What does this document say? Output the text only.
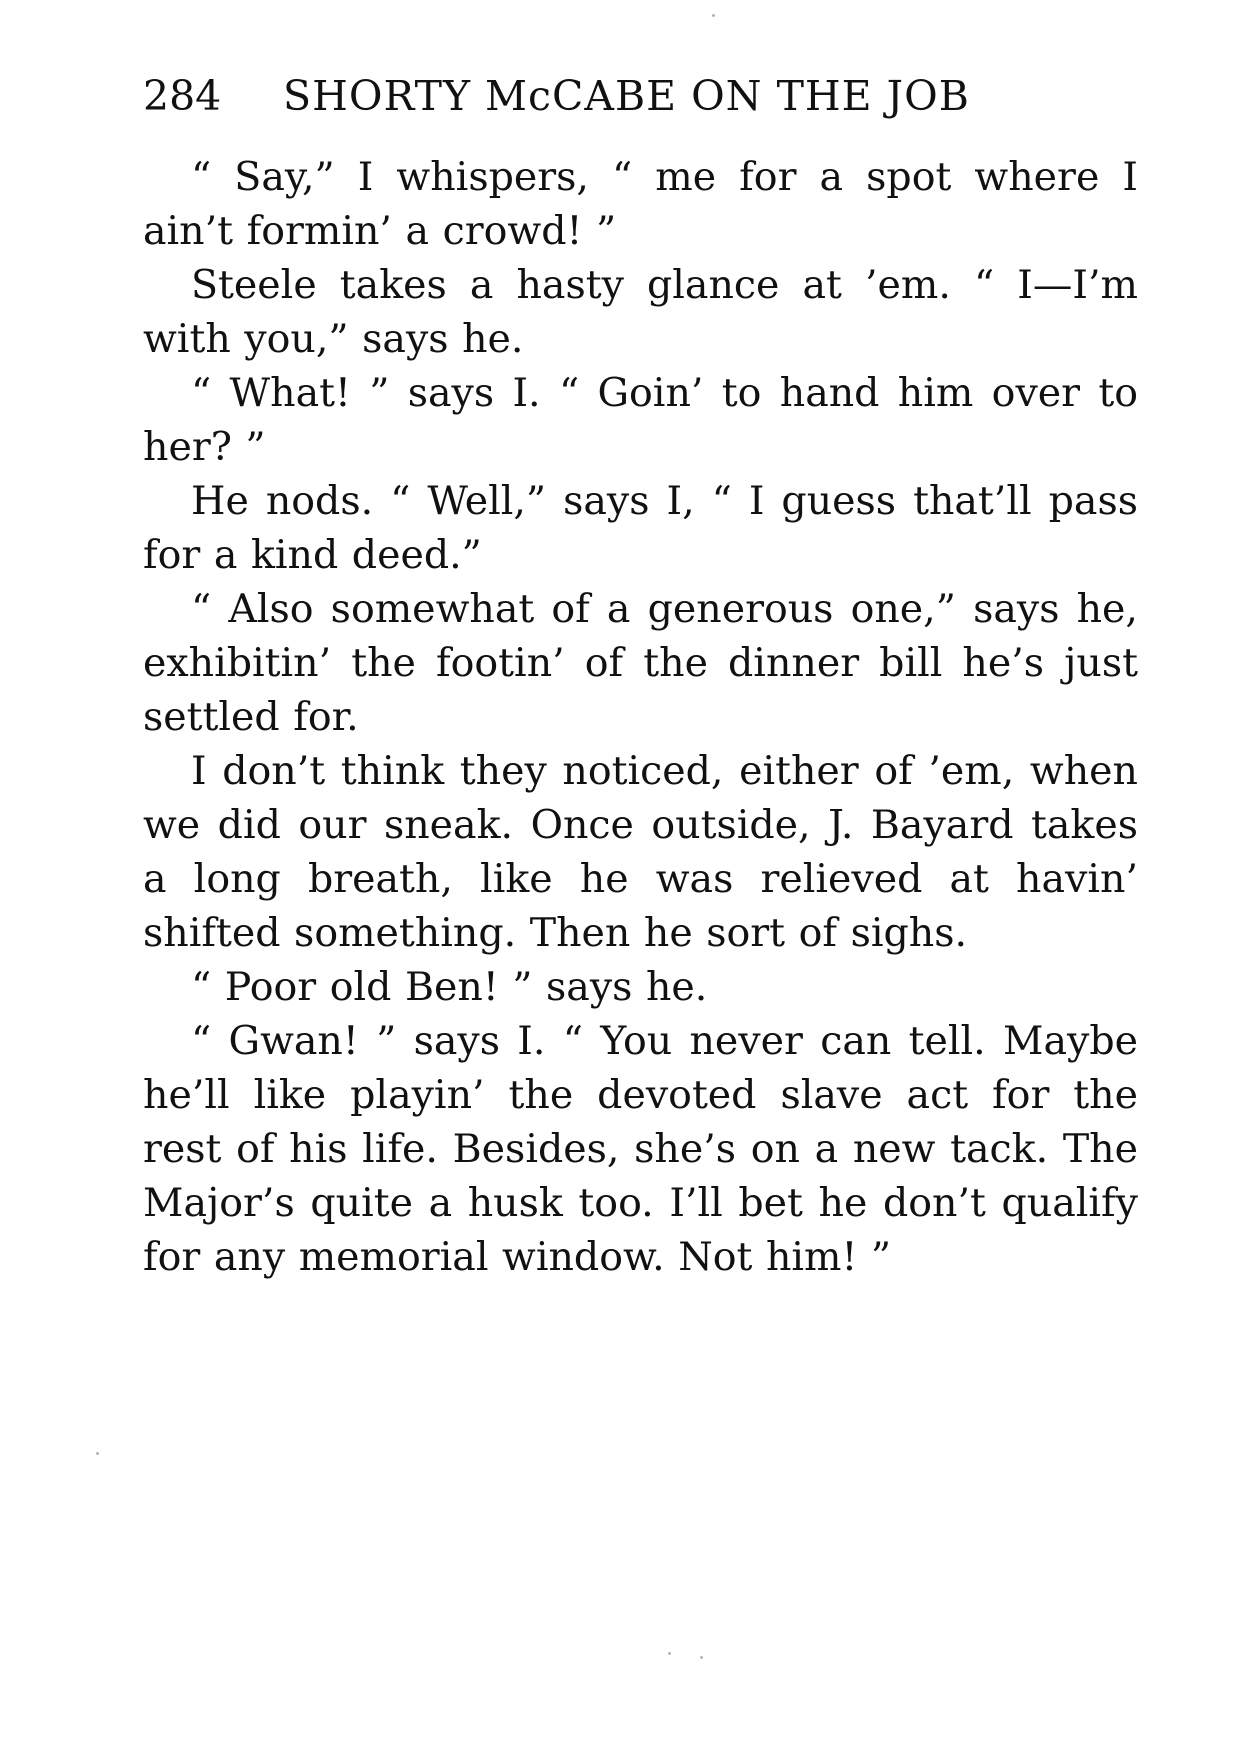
284 SHORTY McCABE ON THE JOB

“ Say,” I whispers, “ me for a spot where I ain’t formin’ a crowd! ”

Steele takes a hasty glance at ’em. “ I—I’m with you,” says he.

“ What! ” says I. “ Goin’ to hand him over to her? ”

He nods. “ Well,” says I, “ I guess that’ll pass for a kind deed.”

“ Also somewhat of a generous one,” says he, exhibitin’ the footin’ of the dinner bill he’s just settled for.

I don’t think they noticed, either of ’em, when we did our sneak. Once outside, J. Bayard takes a long breath, like he was relieved at havin’ shifted something. Then he sort of sighs.

“ Poor old Ben! ” says he.

“ Gwan! ” says I. “ You never can tell. Maybe he’ll like playin’ the devoted slave act for the rest of his life. Besides, she’s on a new tack. The Major’s quite a husk too. I’ll bet he don’t qualify for any memorial window. Not him! ”
